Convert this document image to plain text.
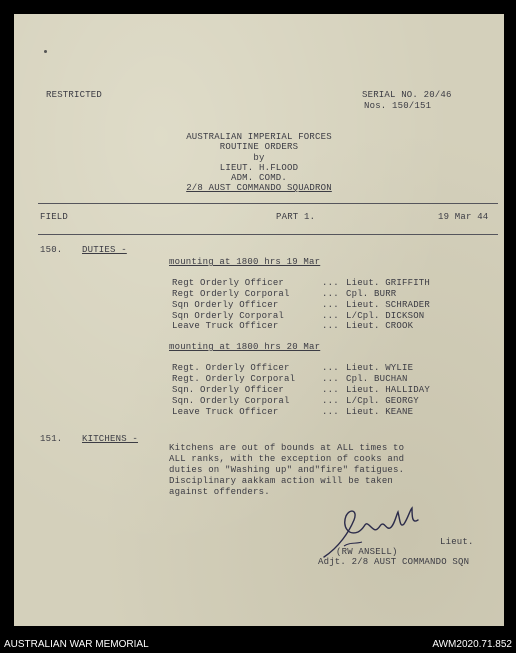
RESTRICTED	SERIAL NO. 20/46
Nos. 150/151
AUSTRALIAN IMPERIAL FORCES
ROUTINE ORDERS
by
LIEUT. H.FLOOD
ADM. COMD.
2/8 AUST COMMANDO SQUADRON
FIELD	PART 1.	19 Mar 44
150. DUTIES -
mounting at 1800 hrs 19 Mar
Regt Orderly Officer	... Lieut. GRIFFITH
Regt Orderly Corporal	... Cpl. BURR
Sqn Orderly Officer	... Lieut. SCHRADER
Sqn Orderly Corporal	... L/Cpl. DICKSON
Leave Truck Officer	... Lieut. CROOK
mounting at 1800 hrs 20 Mar
Regt. Orderly Officer	... Lieut. WYLIE
Regt. Orderly Corporal	... Cpl. BUCHAN
Sqn. Orderly Officer	... Lieut. HALLIDAY
Sqn. Orderly Corporal	... L/Cpl. GEORGY
Leave Truck Officer	... Lieut. KEANE
151. KITCHENS -
Kitchens are out of bounds at ALL times to
ALL ranks, with the exception of cooks and
duties on "Washing up" and"fire" fatigues.
Disciplinary aakkam action will be taken
against offenders.
Lieut.
(RW ANSELL)
Adjt. 2/8 AUST COMMANDO SQN
AUSTRALIAN WAR MEMORIAL	AWM2020.71.852
